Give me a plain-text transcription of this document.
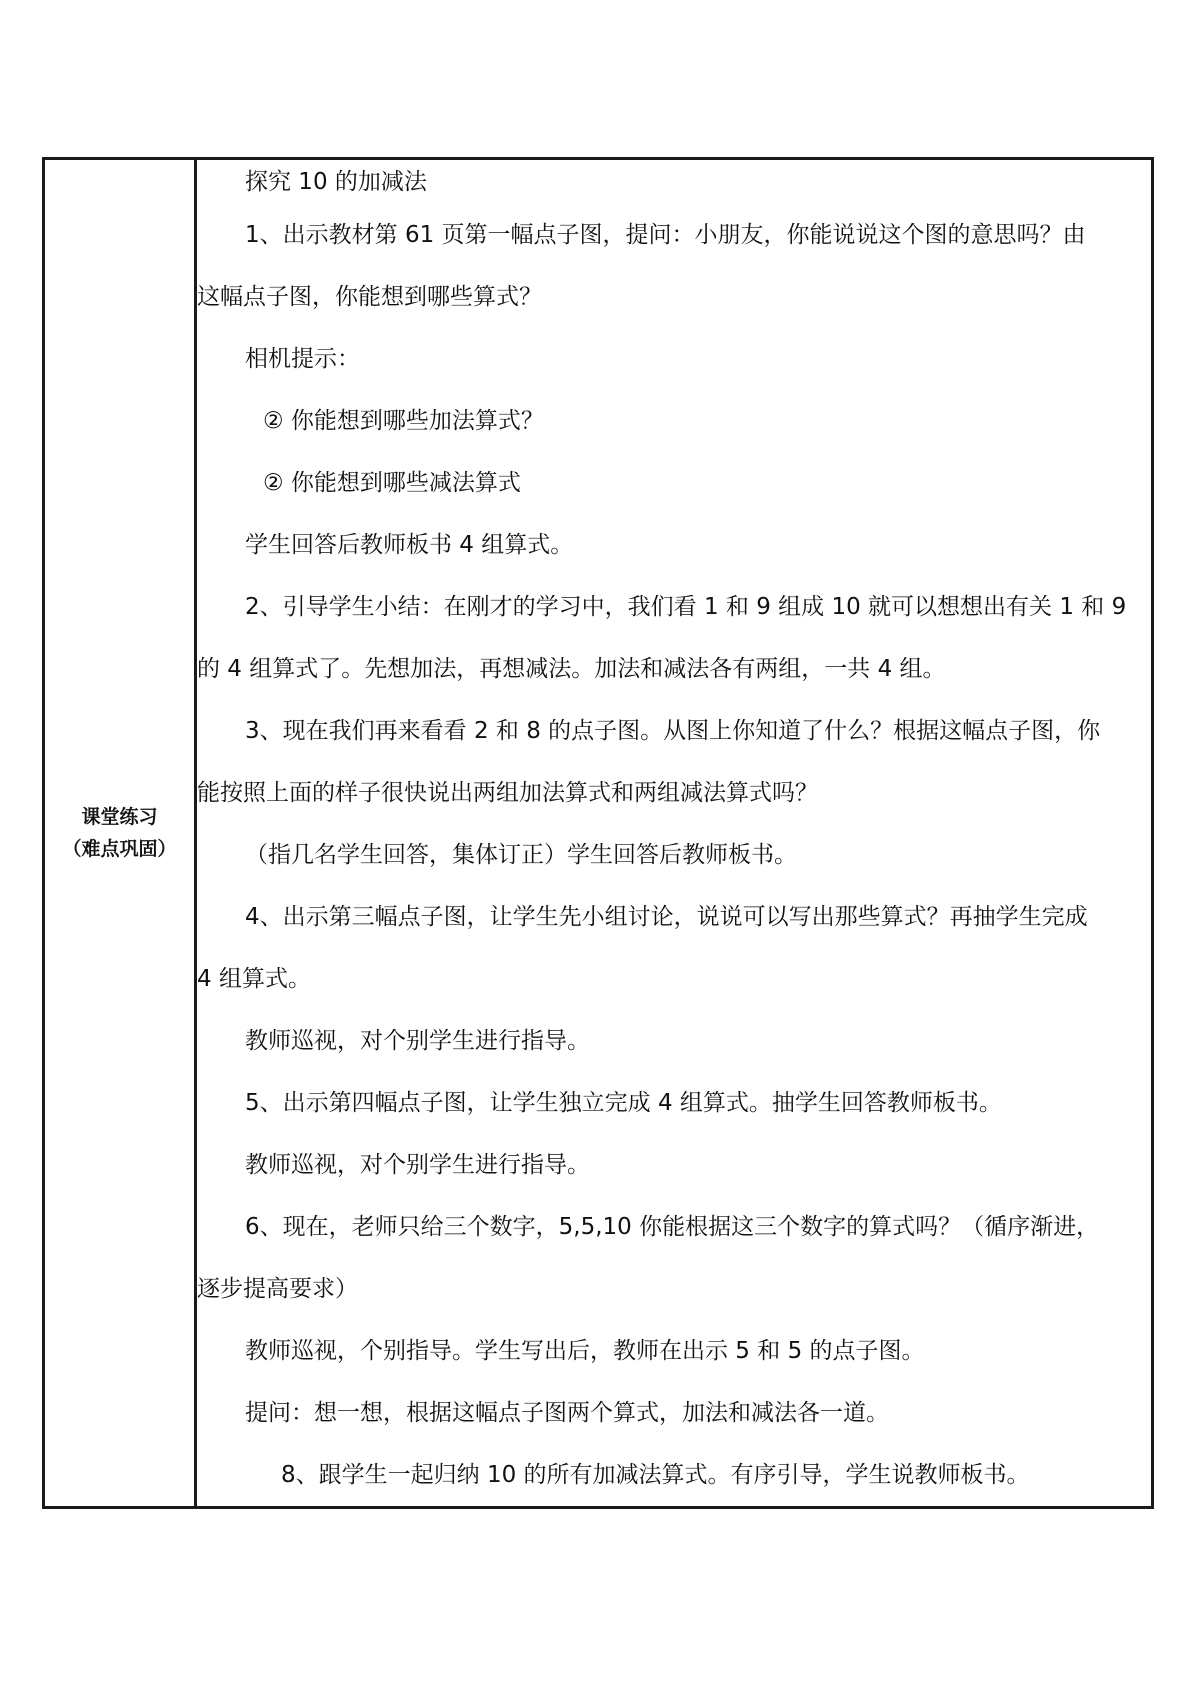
课堂练习
（难点巩固）

探究 10 的加减法

1、出示教材第 61 页第一幅点子图，提问：小朋友，你能说说这个图的意思吗？由

这幅点子图，你能想到哪些算式？

相机提示：

② 你能想到哪些加法算式？

② 你能想到哪些减法算式

学生回答后教师板书 4 组算式。

2、引导学生小结：在刚才的学习中，我们看 1 和 9 组成 10 就可以想想出有关 1 和 9

的 4 组算式了。先想加法，再想减法。加法和减法各有两组，一共 4 组。

3、现在我们再来看看 2 和 8 的点子图。从图上你知道了什么？根据这幅点子图，你

能按照上面的样子很快说出两组加法算式和两组减法算式吗？

（指几名学生回答，集体订正）学生回答后教师板书。

4、出示第三幅点子图，让学生先小组讨论，说说可以写出那些算式？再抽学生完成

4 组算式。

教师巡视，对个别学生进行指导。

5、出示第四幅点子图，让学生独立完成 4 组算式。抽学生回答教师板书。

教师巡视，对个别学生进行指导。

6、现在，老师只给三个数字，5,5,10 你能根据这三个数字的算式吗？（循序渐进，

逐步提高要求）

教师巡视，个别指导。学生写出后，教师在出示 5 和 5 的点子图。

提问：想一想，根据这幅点子图两个算式，加法和减法各一道。

8、跟学生一起归纳 10 的所有加减法算式。有序引导，学生说教师板书。
